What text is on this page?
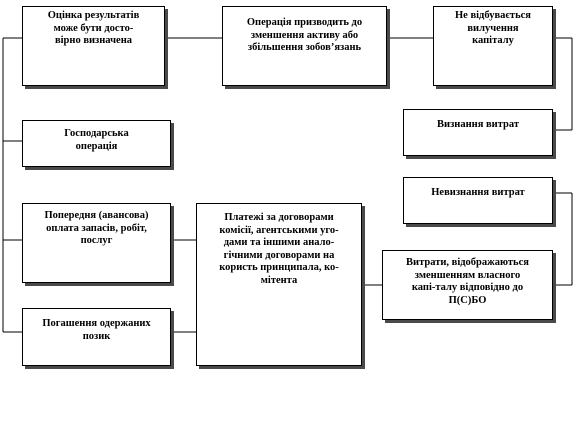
Оцінка результатів
може бути досто-
вірно визначена
Операція призводить до
зменшення активу або
збільшення зобов’язань
Не відбувається
вилучення
капіталу
Визнання витрат
Господарська
операція
Невизнання витрат
Попередня (авансова)
оплата запасів, робіт,
послуг
Платежі за договорами
комісії, агентськими уго-
дами та іншими анало-
гічними договорами на
користь принципала, ко-
мітента
Витрати, відображаються
зменшенням власного
капі-талу відповідно до
П(С)БО
Погашення одержаних
позик
